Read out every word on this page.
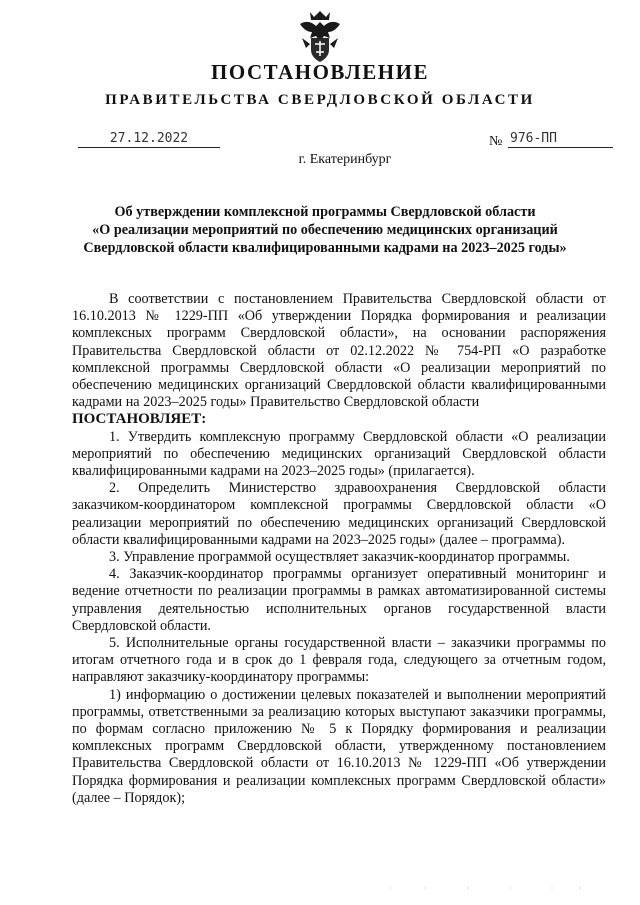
ПОСТАНОВЛЕНИЕ
ПРАВИТЕЛЬСТВА СВЕРДЛОВСКОЙ ОБЛАСТИ
27.12.2022	№ 976-ПП
г. Екатеринбург
Об утверждении комплексной программы Свердловской области
«О реализации мероприятий по обеспечению медицинских организаций
Свердловской области квалифицированными кадрами на 2023–2025 годы»

В соответствии с постановлением Правительства Свердловской области от 16.10.2013 № 1229-ПП «Об утверждении Порядка формирования и реализации комплексных программ Свердловской области», на основании распоряжения Правительства Свердловской области от 02.12.2022 № 754-РП «О разработке комплексной программы Свердловской области «О реализации мероприятий по обеспечению медицинских организаций Свердловской области квалифицированными кадрами на 2023–2025 годы» Правительство Свердловской области

ПОСТАНОВЛЯЕТ:

1. Утвердить комплексную программу Свердловской области «О реализации мероприятий по обеспечению медицинских организаций Свердловской области квалифицированными кадрами на 2023–2025 годы» (прилагается).

2. Определить Министерство здравоохранения Свердловской области заказчиком-координатором комплексной программы Свердловской области «О реализации мероприятий по обеспечению медицинских организаций Свердловской области квалифицированными кадрами на 2023–2025 годы» (далее – программа).

3. Управление программой осуществляет заказчик-координатор программы.

4. Заказчик-координатор программы организует оперативный мониторинг и ведение отчетности по реализации программы в рамках автоматизированной системы управления деятельностью исполнительных органов государственной власти Свердловской области.

5. Исполнительные органы государственной власти – заказчики программы по итогам отчетного года и в срок до 1 февраля года, следующего за отчетным годом, направляют заказчику-координатору программы:

1) информацию о достижении целевых показателей и выполнении мероприятий программы, ответственными за реализацию которых выступают заказчики программы, по формам согласно приложению № 5 к Порядку формирования и реализации комплексных программ Свердловской области, утвержденному постановлением Правительства Свердловской области от 16.10.2013 № 1229-ПП «Об утверждении Порядка формирования и реализации комплексных программ Свердловской области» (далее – Порядок);
